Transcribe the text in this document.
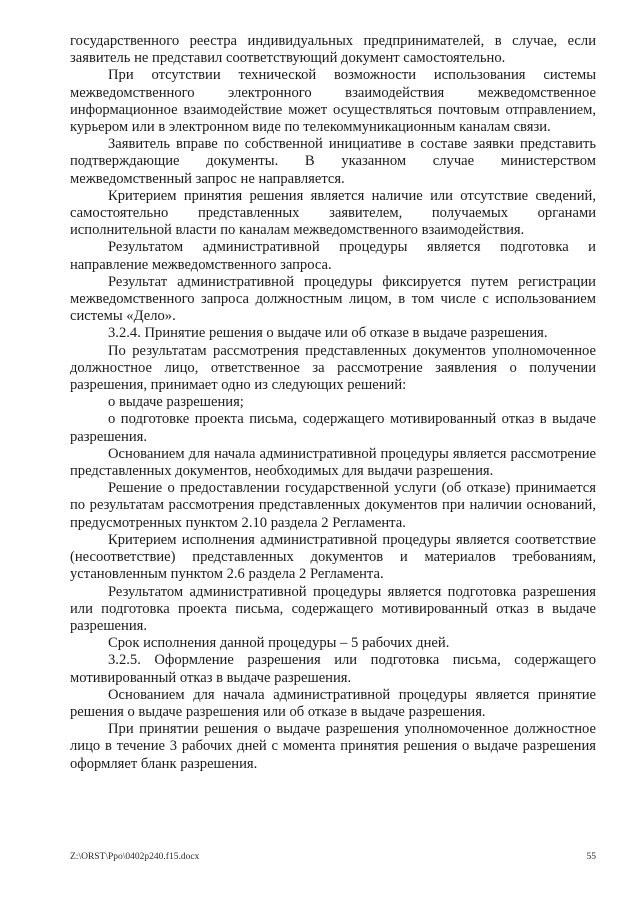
государственного реестра индивидуальных предпринимателей, в случае, если заявитель не представил соответствующий документ самостоятельно.

При отсутствии технической возможности использования системы межведомственного электронного взаимодействия межведомственное информационное взаимодействие может осуществляться почтовым отправлением, курьером или в электронном виде по телекоммуникационным каналам связи.

Заявитель вправе по собственной инициативе в составе заявки представить подтверждающие документы. В указанном случае министерством межведомственный запрос не направляется.

Критерием принятия решения является наличие или отсутствие сведений, самостоятельно представленных заявителем, получаемых органами исполнительной власти по каналам межведомственного взаимодействия.

Результатом административной процедуры является подготовка и направление межведомственного запроса.

Результат административной процедуры фиксируется путем регистрации межведомственного запроса должностным лицом, в том числе с использованием системы «Дело».

3.2.4. Принятие решения о выдаче или об отказе в выдаче разрешения.

По результатам рассмотрения представленных документов уполномоченное должностное лицо, ответственное за рассмотрение заявления о получении разрешения, принимает одно из следующих решений:

о выдаче разрешения;

о подготовке проекта письма, содержащего мотивированный отказ в выдаче разрешения.

Основанием для начала административной процедуры является рассмотрение представленных документов, необходимых для выдачи разрешения.

Решение о предоставлении государственной услуги (об отказе) принимается по результатам рассмотрения представленных документов при наличии оснований, предусмотренных пунктом 2.10 раздела 2 Регламента.

Критерием исполнения административной процедуры является соответствие (несоответствие) представленных документов и материалов требованиям, установленным пунктом 2.6 раздела 2 Регламента.

Результатом административной процедуры является подготовка разрешения или подготовка проекта письма, содержащего мотивированный отказ в выдаче разрешения.

Срок исполнения данной процедуры – 5 рабочих дней.

3.2.5. Оформление разрешения или подготовка письма, содержащего мотивированный отказ в выдаче разрешения.

Основанием для начала административной процедуры является принятие решения о выдаче разрешения или об отказе в выдаче разрешения.

При принятии решения о выдаче разрешения уполномоченное должностное лицо в течение 3 рабочих дней с момента принятия решения о выдаче разрешения оформляет бланк разрешения.

Z:\ORST\Ppo\0402p240.f15.docx	55
